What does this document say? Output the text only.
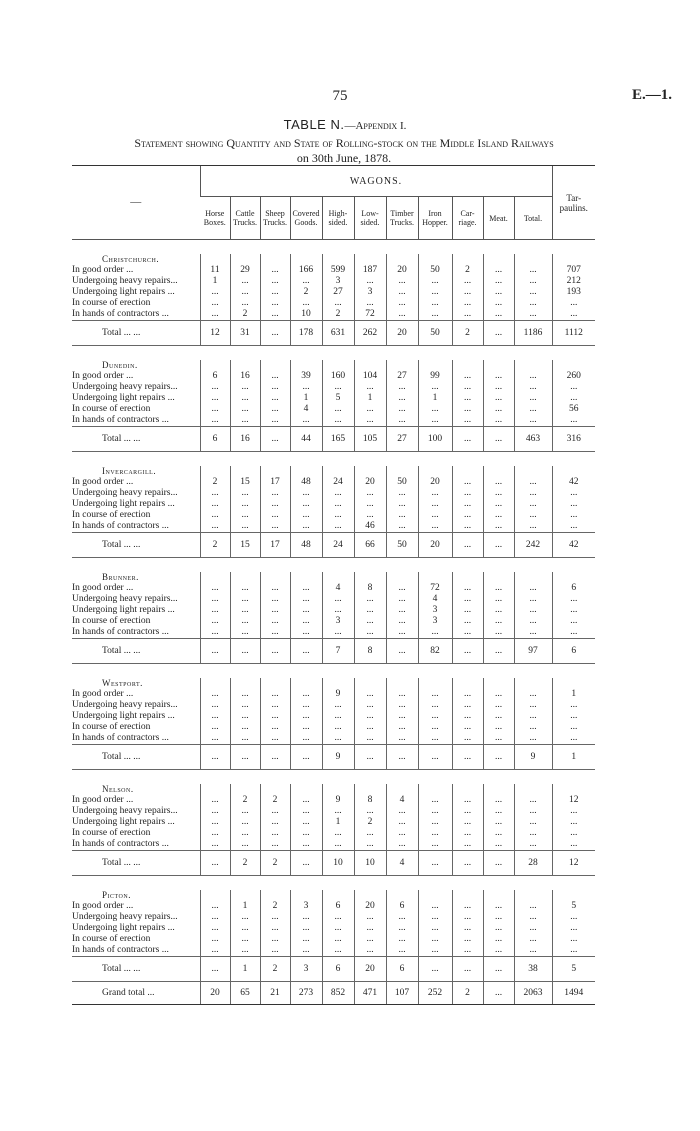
75	E.—1.
TABLE N.—Appendix I.
Statement showing Quantity and State of Rolling-stock on the Middle Island Railways
on 30th June, 1878.

—	WAGONS.											Tar-paulins.
	Horse Boxes.	Cattle Trucks.	Sheep Trucks.	Covered Goods.	High-sided.	Low-sided.	Timber Trucks.	Iron Hopper.	Car-riage.	Meat.	Total.	

Christchurch.												
In good order ...	11	29	...	166	599	187	20	50	2	...	...	707
Undergoing heavy repairs...	1	...	...	...	3	...	...	...	...	...	...	212
Undergoing light repairs ...	...	...	...	2	27	3	...	...	...	...	...	193
In course of erection	...	...	...	...	...	...	...	...	...	...	...	...
In hands of contractors ...	...	2	...	10	2	72	...	...	...	...	...	...
Total ... ...	12	31	...	178	631	262	20	50	2	...	1186	1112

Dunedin.												
In good order ...	6	16	...	39	160	104	27	99	...	...	...	260
Undergoing heavy repairs...	...	...	...	...	...	...	...	...	...	...	...	...
Undergoing light repairs ...	...	...	...	1	5	1	...	1	...	...	...	...
In course of erection	...	...	...	4	...	...	...	...	...	...	...	56
In hands of contractors ...	...	...	...	...	...	...	...	...	...	...	...	...
Total ... ...	6	16	...	44	165	105	27	100	...	...	463	316

Invercargill.												
In good order ...	2	15	17	48	24	20	50	20	...	...	...	42
Undergoing heavy repairs...	...	...	...	...	...	...	...	...	...	...	...	...
Undergoing light repairs ...	...	...	...	...	...	...	...	...	...	...	...	...
In course of erection	...	...	...	...	...	...	...	...	...	...	...	...
In hands of contractors ...	...	...	...	...	...	46	...	...	...	...	...	...
Total ... ...	2	15	17	48	24	66	50	20	...	...	242	42

Brunner.												
In good order ...	...	...	...	...	4	8	...	72	...	...	...	6
Undergoing heavy repairs...	...	...	...	...	...	...	...	4	...	...	...	...
Undergoing light repairs ...	...	...	...	...	...	...	...	3	...	...	...	...
In course of erection	...	...	...	...	3	...	...	3	...	...	...	...
In hands of contractors ...	...	...	...	...	...	...	...	...	...	...	...	...
Total ... ...	...	...	...	...	7	8	...	82	...	...	97	6

Westport.												
In good order ...	...	...	...	...	9	...	...	...	...	...	...	1
Undergoing heavy repairs...	...	...	...	...	...	...	...	...	...	...	...	...
Undergoing light repairs ...	...	...	...	...	...	...	...	...	...	...	...	...
In course of erection	...	...	...	...	...	...	...	...	...	...	...	...
In hands of contractors ...	...	...	...	...	...	...	...	...	...	...	...	...
Total ... ...	...	...	...	...	9	...	...	...	...	...	9	1

Nelson.												
In good order ...	...	2	2	...	9	8	4	...	...	...	...	12
Undergoing heavy repairs...	...	...	...	...	...	...	...	...	...	...	...	...
Undergoing light repairs ...	...	...	...	...	1	2	...	...	...	...	...	...
In course of erection	...	...	...	...	...	...	...	...	...	...	...	...
In hands of contractors ...	...	...	...	...	...	...	...	...	...	...	...	...
Total ... ...	...	2	2	...	10	10	4	...	...	...	28	12

Picton.												
In good order ...	...	1	2	3	6	20	6	...	...	...	...	5
Undergoing heavy repairs...	...	...	...	...	...	...	...	...	...	...	...	...
Undergoing light repairs ...	...	...	...	...	...	...	...	...	...	...	...	...
In course of erection	...	...	...	...	...	...	...	...	...	...	...	...
In hands of contractors ...	...	...	...	...	...	...	...	...	...	...	...	...
Total ... ...	...	1	2	3	6	20	6	...	...	...	38	5
Grand total ...	20	65	21	273	852	471	107	252	2	...	2063	1494
